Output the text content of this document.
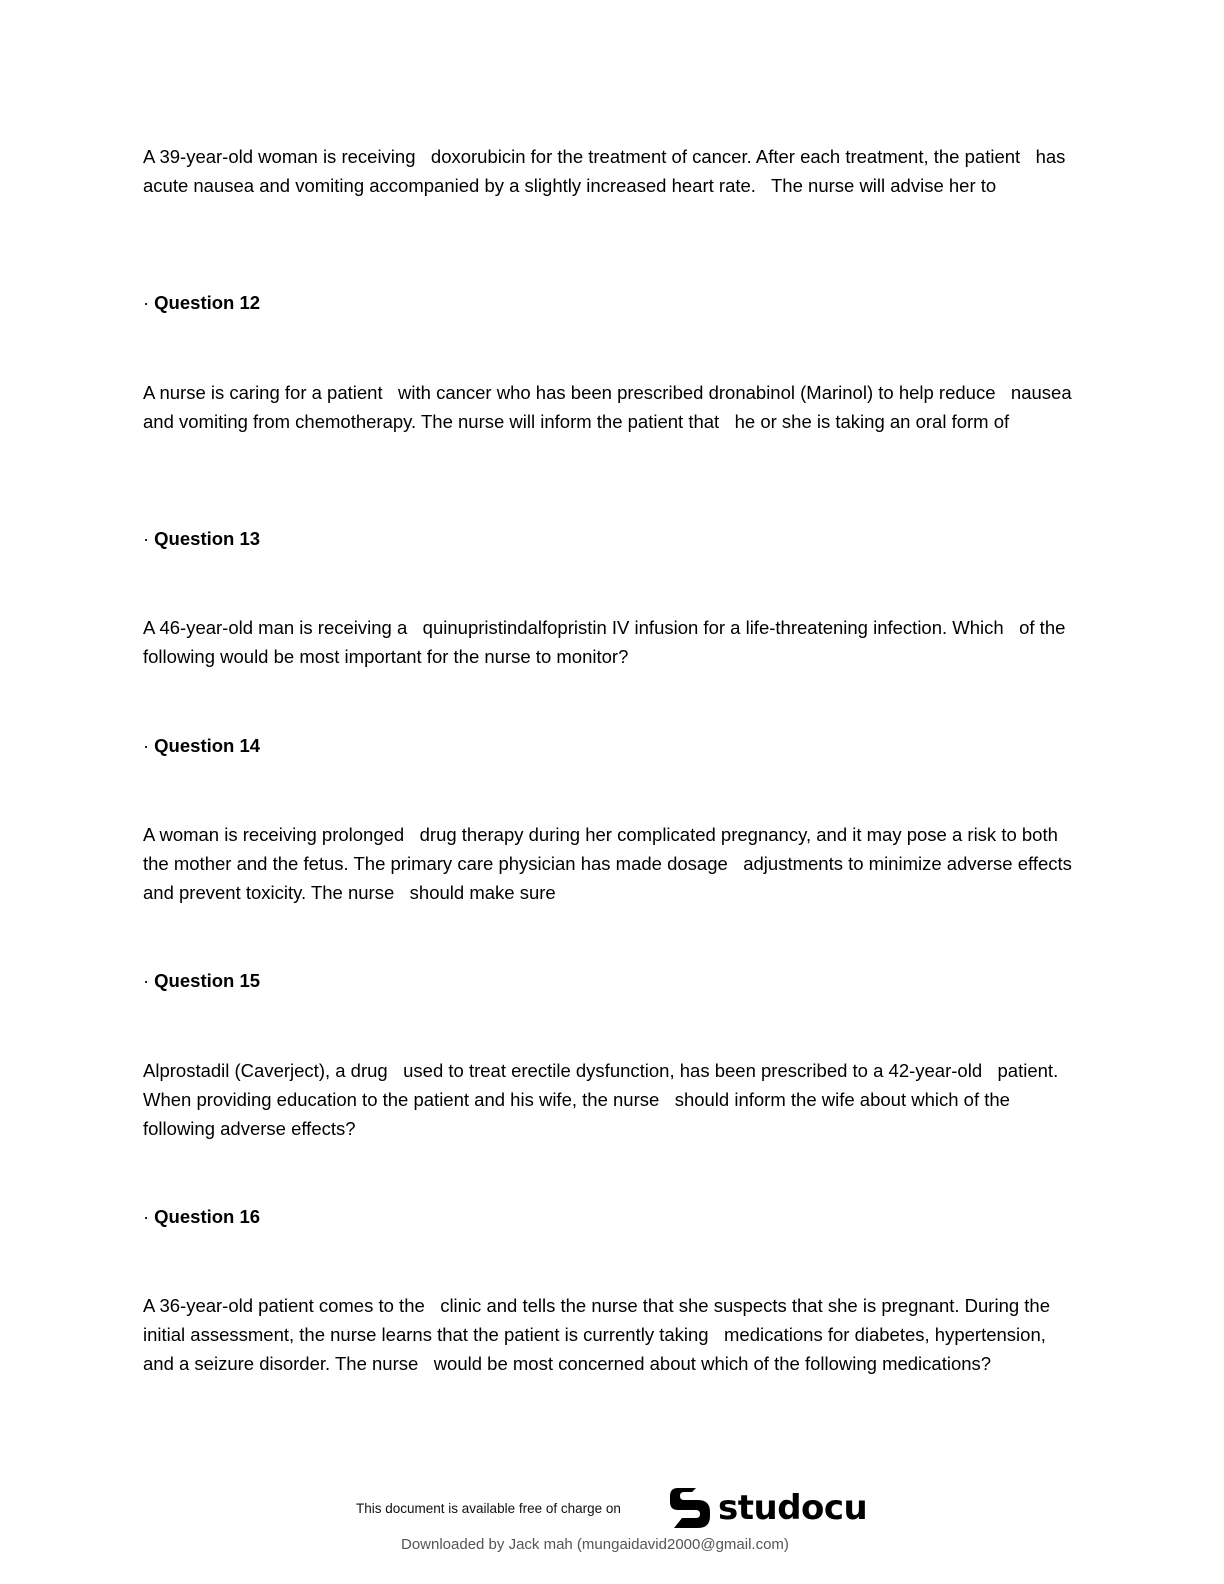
A 39-year-old woman is receiving   doxorubicin for the treatment of cancer. After each treatment, the patient   has acute nausea and vomiting accompanied by a slightly increased heart rate.   The nurse will advise her to

· Question 12

A nurse is caring for a patient   with cancer who has been prescribed dronabinol (Marinol) to help reduce   nausea and vomiting from chemotherapy. The nurse will inform the patient that   he or she is taking an oral form of

· Question 13

A 46-year-old man is receiving a   quinupristindalfopristin IV infusion for a life-threatening infection. Which   of the following would be most important for the nurse to monitor?

· Question 14

A woman is receiving prolonged   drug therapy during her complicated pregnancy, and it may pose a risk to both   the mother and the fetus. The primary care physician has made dosage   adjustments to minimize adverse effects and prevent toxicity. The nurse   should make sure

· Question 15

Alprostadil (Caverject), a drug   used to treat erectile dysfunction, has been prescribed to a 42-year-old   patient. When providing education to the patient and his wife, the nurse   should inform the wife about which of the following adverse effects?

· Question 16

A 36-year-old patient comes to the   clinic and tells the nurse that she suspects that she is pregnant. During the   initial assessment, the nurse learns that the patient is currently taking   medications for diabetes, hypertension, and a seizure disorder. The nurse   would be most concerned about which of the following medications?

This document is available free of charge on	studocu
Downloaded by Jack mah (mungaidavid2000@gmail.com)
